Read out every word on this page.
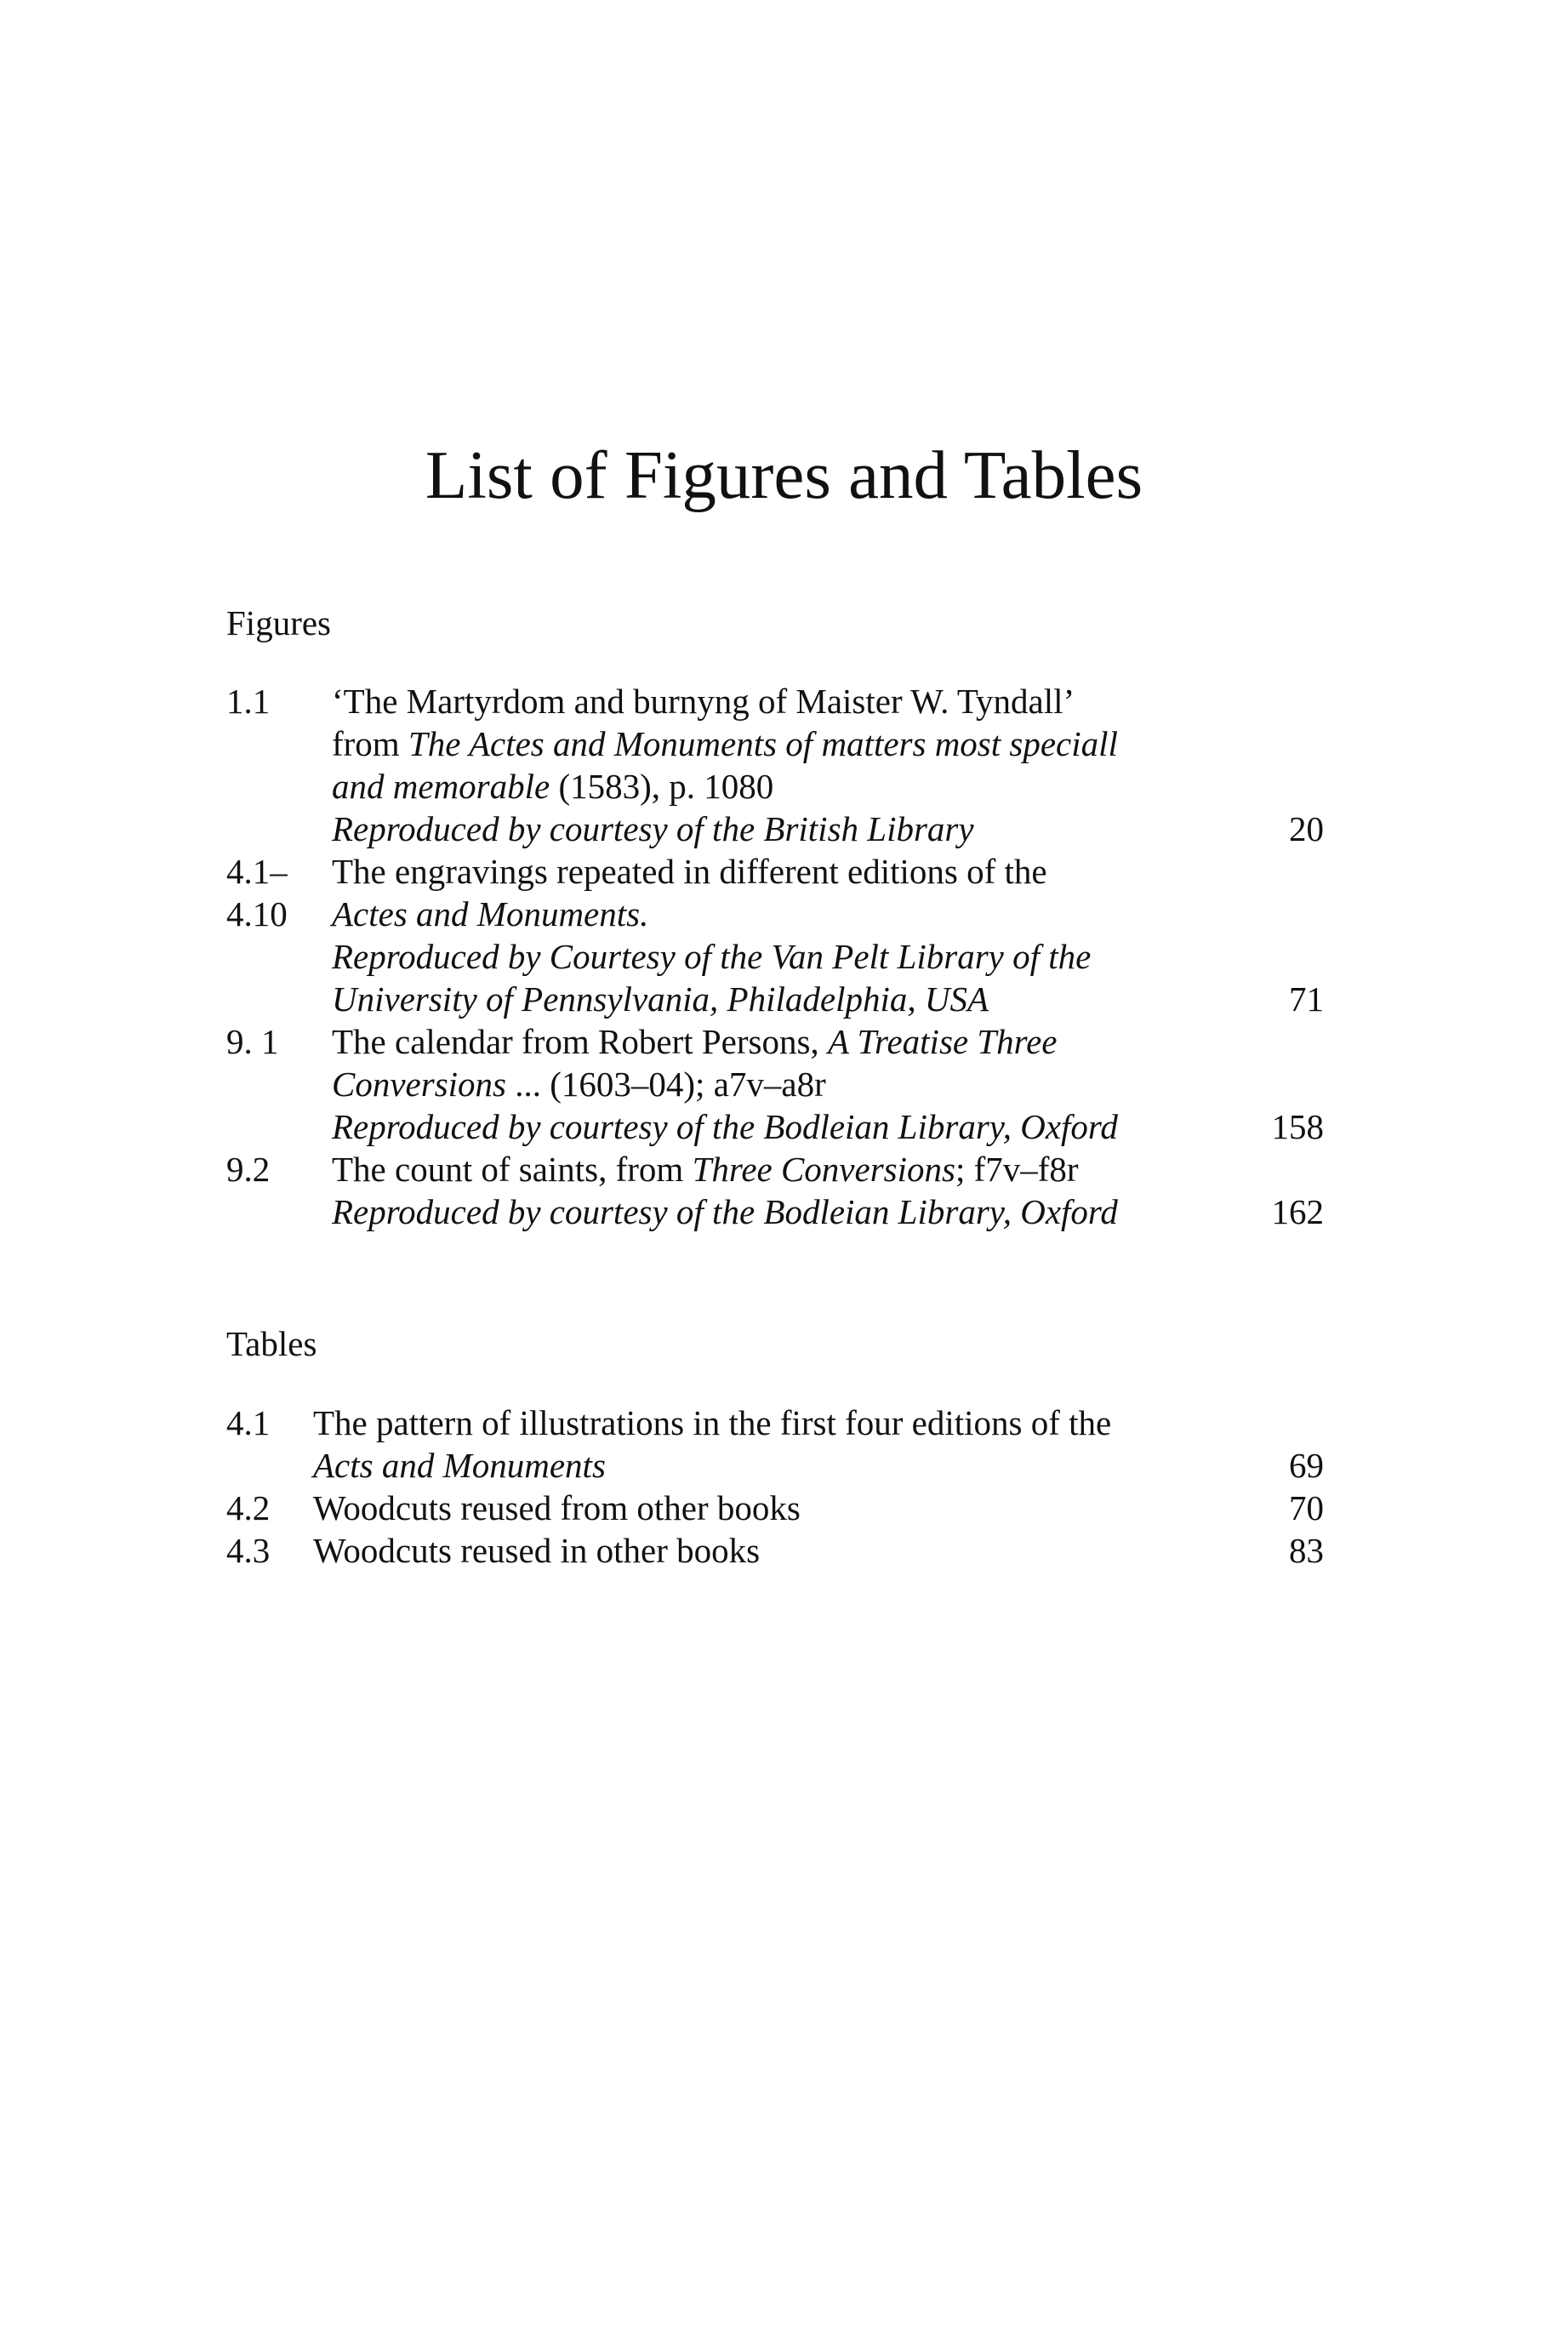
List of Figures and Tables
Figures
1.1 ‘The Martyrdom and burnyng of Maister W. Tyndall’
from The Actes and Monuments of matters most speciall
and memorable (1583), p. 1080
Reproduced by courtesy of the British Library	20
4.1– The engravings repeated in different editions of the
4.10 Actes and Monuments.
Reproduced by Courtesy of the Van Pelt Library of the
University of Pennsylvania, Philadelphia, USA	71
9. 1 The calendar from Robert Persons, A Treatise Three
Conversions ... (1603–04); a7v–a8r
Reproduced by courtesy of the Bodleian Library, Oxford	158
9.2 The count of saints, from Three Conversions; f7v–f8r
Reproduced by courtesy of the Bodleian Library, Oxford	162
Tables
4.1 The pattern of illustrations in the first four editions of the
Acts and Monuments	69
4.2 Woodcuts reused from other books	70
4.3 Woodcuts reused in other books	83
